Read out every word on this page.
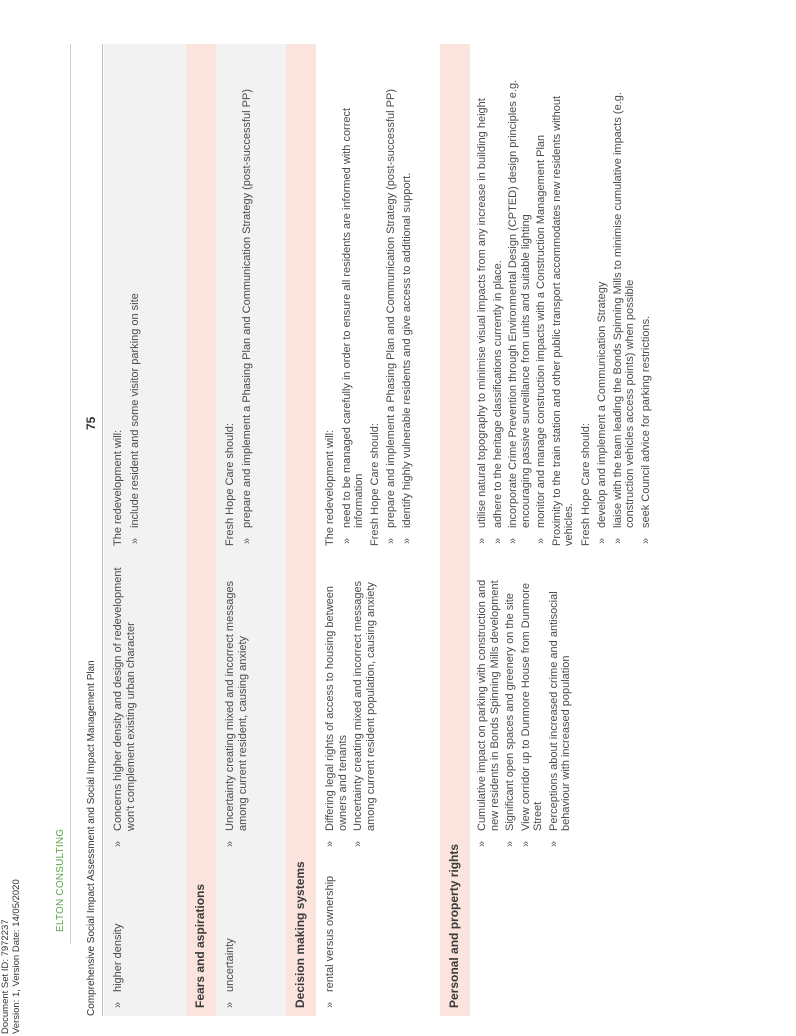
ELTON CONSULTING
Document Set ID: 7972237 Version: 1, Version Date: 14/05/2020	Comprehensive Social Impact Assessment and Social Impact Management Plan
75
» higher density
» Concerns higher density and design of redevelopment won't complement existing urban character

The redevelopment will: » include resident and some visitor parking on site
Fears and aspirations » uncertainty
» Uncertainty creating mixed and incorrect messages among current resident, causing anxiety

Fresh Hope Care should: » prepare and implement a Phasing Plan and Communication Strategy (post-successful PP)
Decision making systems » rental versus ownership
» Differing legal rights of access to housing between owners and tenants » Uncertainty creating mixed and incorrect messages among current resident population, causing anxiety

The redevelopment will: » need to be managed carefully in order to ensure all residents are informed with correct information Fresh Hope Care should: » prepare and implement a Phasing Plan and Communication Strategy (post-successful PP) » identify highly vulnerable residents and give access to additional support.
Personal and property rights
» Cumulative impact on parking with construction and new residents in Bonds Spinning Mills development » Significant open spaces and greenery on the site » View corridor up to Dunmore House from Dunmore Street » Perceptions about increased crime and antisocial behaviour with increased population
» utilise natural topography to minimise visual impacts from any increase in building height » adhere to the heritage classifications currently in place. » incorporate Crime Prevention through Environmental Design (CPTED) design principles e.g. encouraging passive surveillance from units and suitable lighting » monitor and manage construction impacts with a Construction Management Plan Proximity to the train station and other public transport accommodates new residents without vehicles. Fresh Hope Care should: » develop and implement a Communication Strategy » liaise with the team leading the Bonds Spinning Mills to minimise cumulative impacts (e.g. construction vehicles access points) when possible » seek Council advice for parking restrictions.
